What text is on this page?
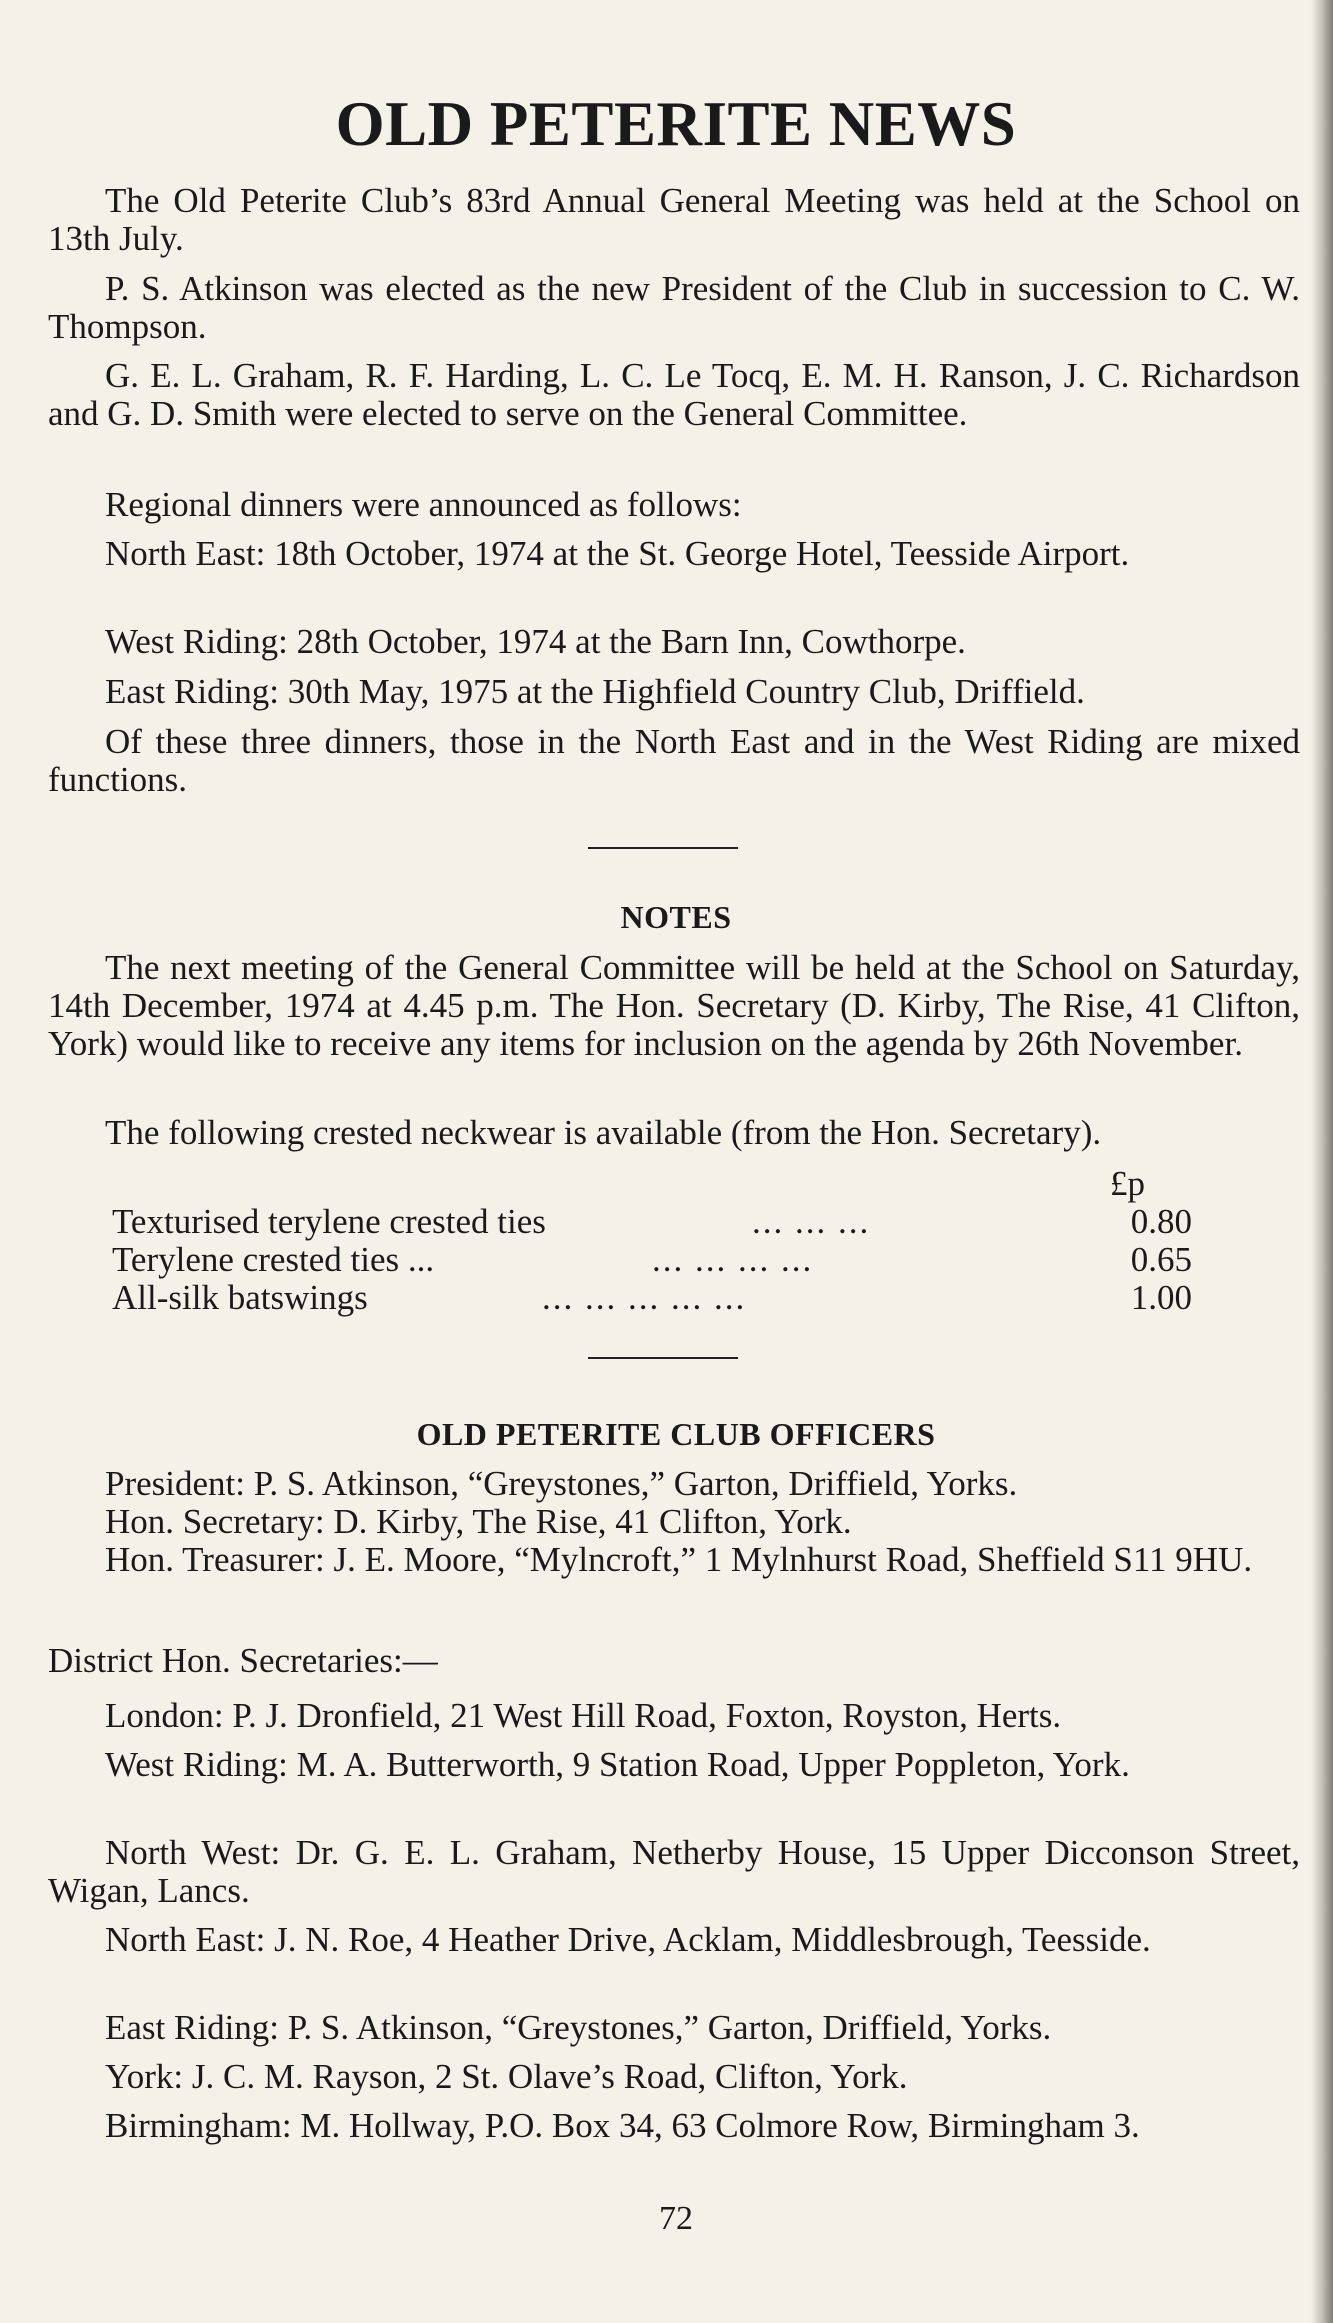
OLD PETERITE NEWS

The Old Peterite Club’s 83rd Annual General Meeting was held at the School on 13th July.

P. S. Atkinson was elected as the new President of the Club in succession to C. W. Thompson.

G. E. L. Graham, R. F. Harding, L. C. Le Tocq, E. M. H. Ranson, J. C. Richardson and G. D. Smith were elected to serve on the General Committee.

Regional dinners were announced as follows:

North East: 18th October, 1974 at the St. George Hotel, Teesside Airport.

West Riding: 28th October, 1974 at the Barn Inn, Cowthorpe.

East Riding: 30th May, 1975 at the Highfield Country Club, Driffield.

Of these three dinners, those in the North East and in the West Riding are mixed functions.

NOTES

The next meeting of the General Committee will be held at the School on Saturday, 14th December, 1974 at 4.45 p.m. The Hon. Secretary (D. Kirby, The Rise, 41 Clifton, York) would like to receive any items for inclusion on the agenda by 26th November.

The following crested neckwear is available (from the Hon. Secretary).

£p
Texturised terylene crested ties	... ... ...	0.80
Terylene crested ties ...	... ... ... ...	0.65
All-silk batswings	... ... ... ... ...	1.00
OLD PETERITE CLUB OFFICERS

President: P. S. Atkinson, “Greystones,” Garton, Driffield, Yorks.

Hon. Secretary: D. Kirby, The Rise, 41 Clifton, York.

Hon. Treasurer: J. E. Moore, “Mylncroft,” 1 Mylnhurst Road, Sheffield S11 9HU.

District Hon. Secretaries:—

London: P. J. Dronfield, 21 West Hill Road, Foxton, Royston, Herts.

West Riding: M. A. Butterworth, 9 Station Road, Upper Poppleton, York.

North West: Dr. G. E. L. Graham, Netherby House, 15 Upper Dicconson Street, Wigan, Lancs.

North East: J. N. Roe, 4 Heather Drive, Acklam, Middlesbrough, Teesside.

East Riding: P. S. Atkinson, “Greystones,” Garton, Driffield, Yorks.

York: J. C. M. Rayson, 2 St. Olave’s Road, Clifton, York.

Birmingham: M. Hollway, P.O. Box 34, 63 Colmore Row, Birmingham 3.

72
